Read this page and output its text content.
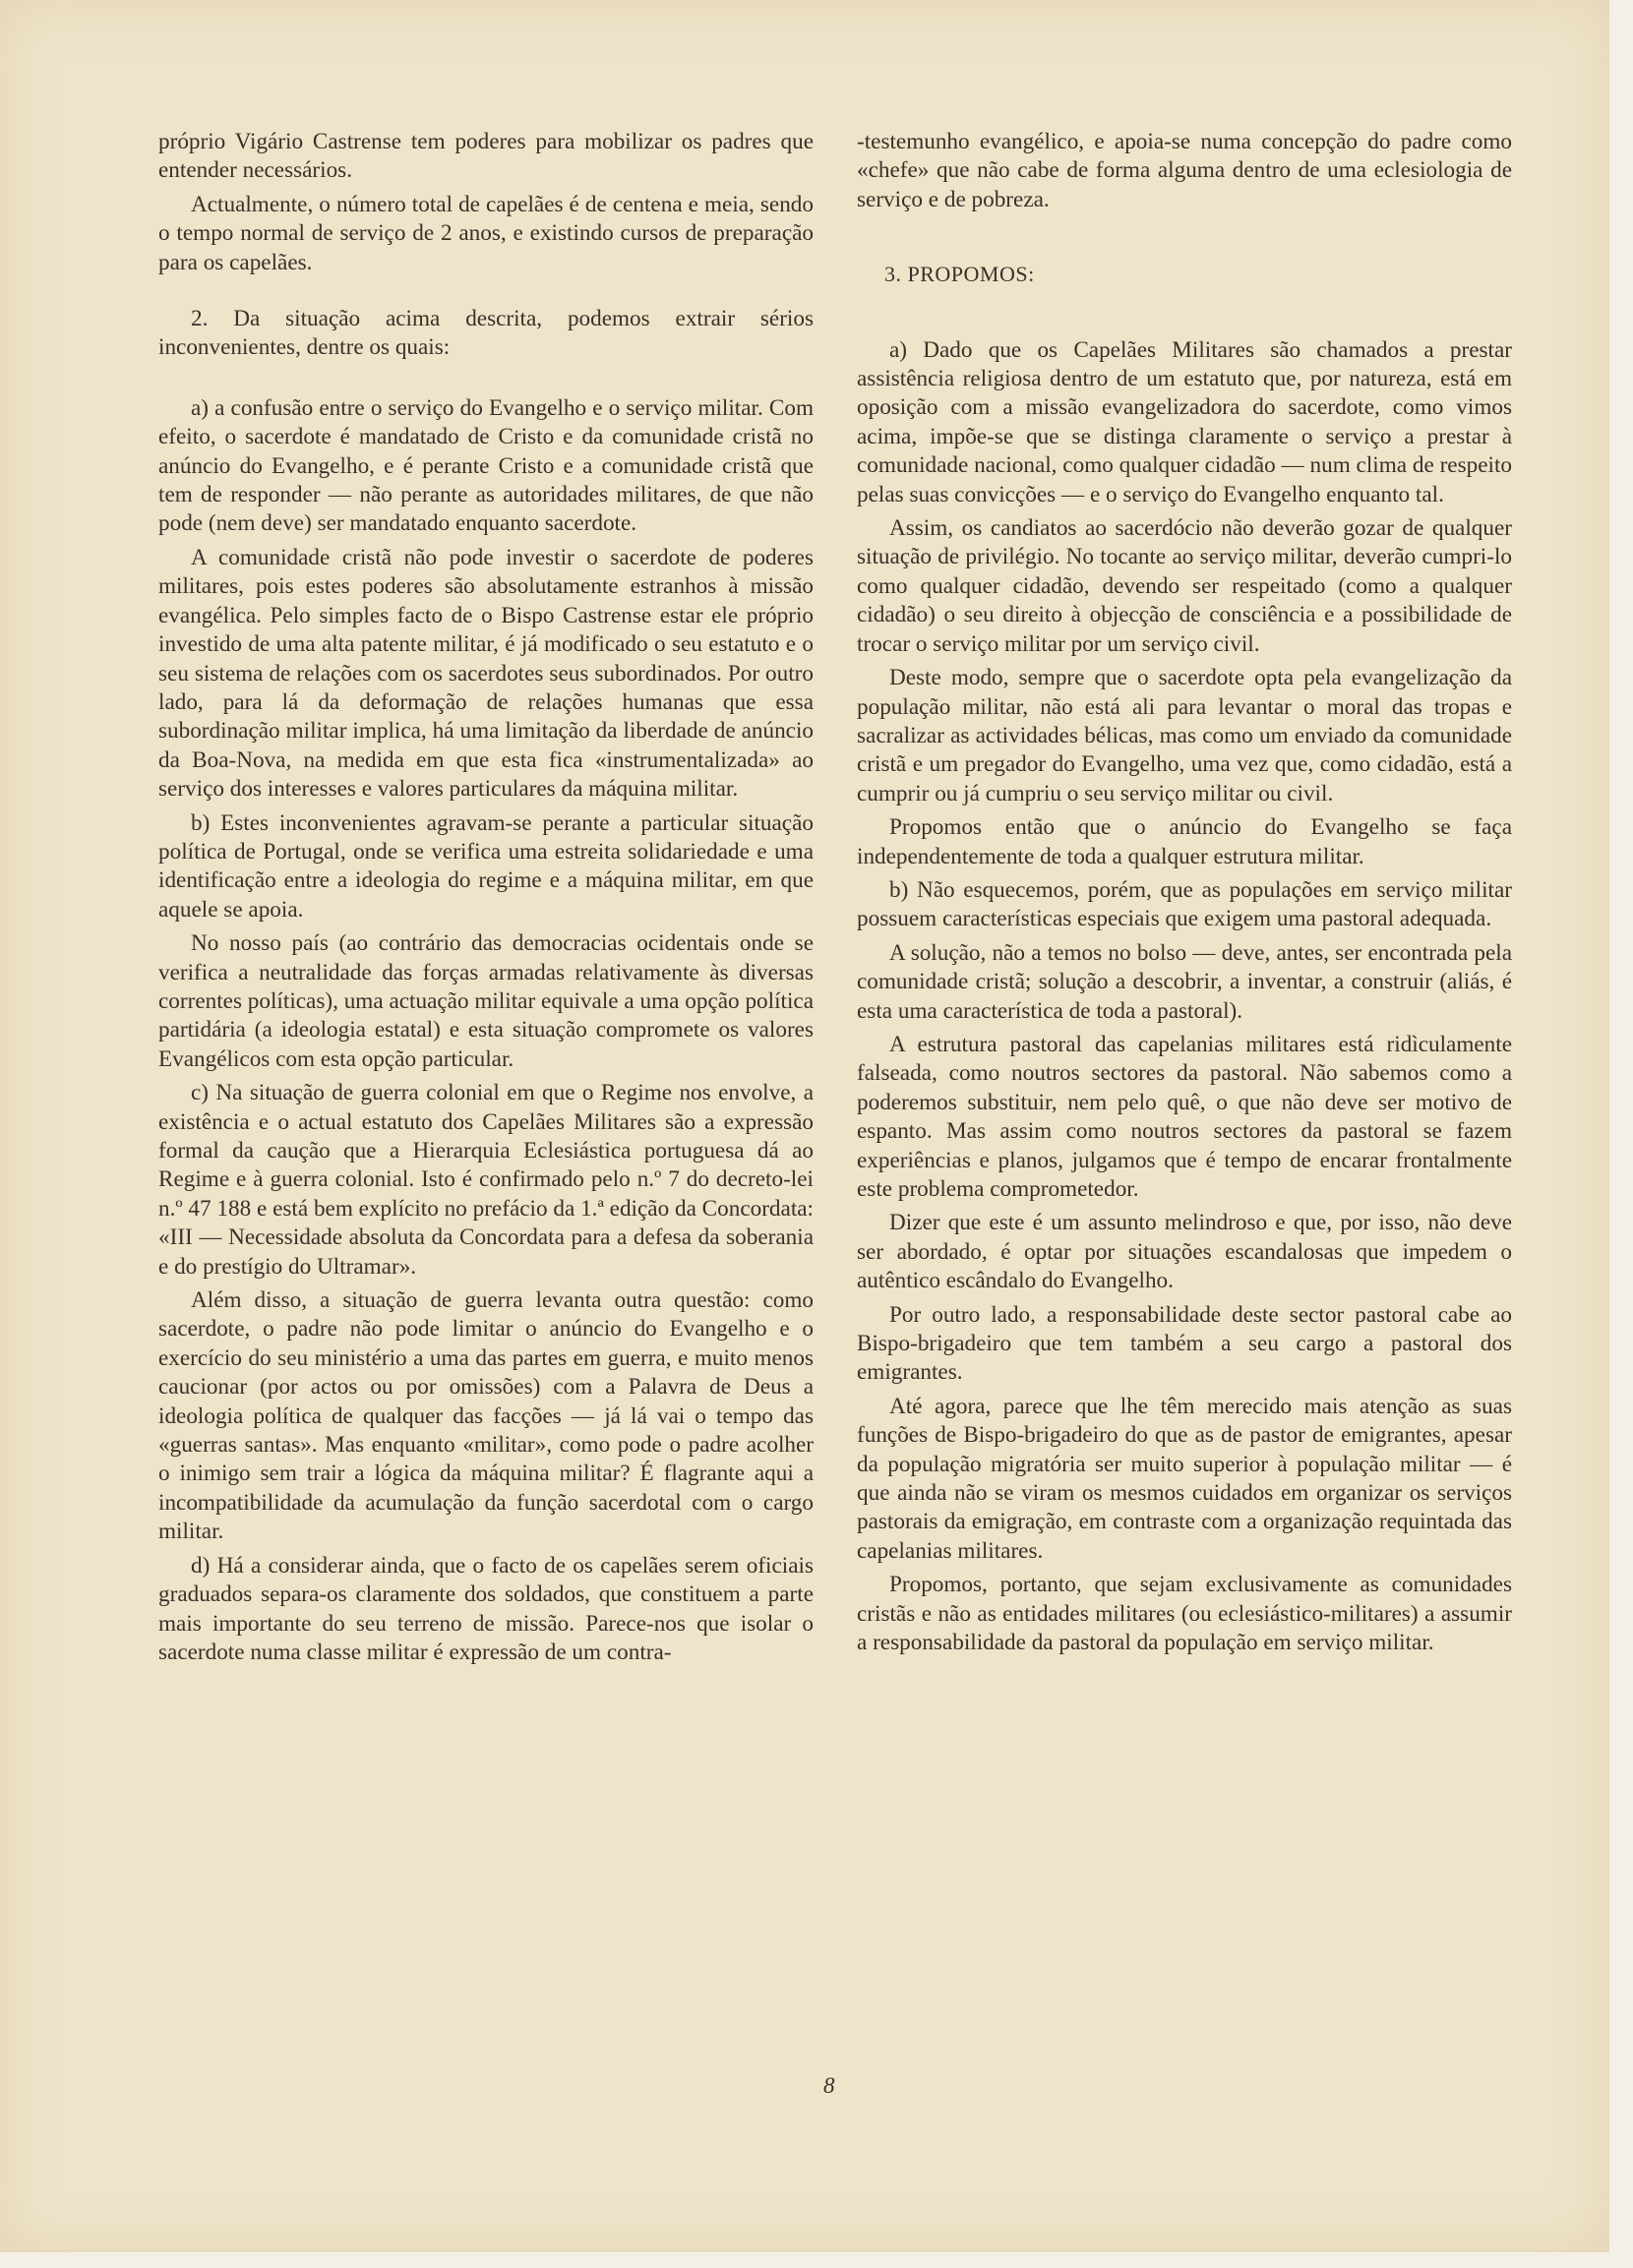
próprio Vigário Castrense tem poderes para mobilizar os padres que entender necessários.

Actualmente, o número total de capelães é de centena e meia, sendo o tempo normal de serviço de 2 anos, e existindo cursos de preparação para os capelães.

2. Da situação acima descrita, podemos extrair sérios inconvenientes, dentre os quais:

a) a confusão entre o serviço do Evangelho e o serviço militar. Com efeito, o sacerdote é mandatado de Cristo e da comunidade cristã no anúncio do Evangelho, e é perante Cristo e a comunidade cristã que tem de responder — não perante as autoridades militares, de que não pode (nem deve) ser mandatado enquanto sacerdote.

A comunidade cristã não pode investir o sacerdote de poderes militares, pois estes poderes são absolutamente estranhos à missão evangélica. Pelo simples facto de o Bispo Castrense estar ele próprio investido de uma alta patente militar, é já modificado o seu estatuto e o seu sistema de relações com os sacerdotes seus subordinados. Por outro lado, para lá da deformação de relações humanas que essa subordinação militar implica, há uma limitação da liberdade de anúncio da Boa-Nova, na medida em que esta fica «instrumentalizada» ao serviço dos interesses e valores particulares da máquina militar.

b) Estes inconvenientes agravam-se perante a particular situação política de Portugal, onde se verifica uma estreita solidariedade e uma identificação entre a ideologia do regime e a máquina militar, em que aquele se apoia.

No nosso país (ao contrário das democracias ocidentais onde se verifica a neutralidade das forças armadas relativamente às diversas correntes políticas), uma actuação militar equivale a uma opção política partidária (a ideologia estatal) e esta situação compromete os valores Evangélicos com esta opção particular.

c) Na situação de guerra colonial em que o Regime nos envolve, a existência e o actual estatuto dos Capelães Militares são a expressão formal da caução que a Hierarquia Eclesiástica portuguesa dá ao Regime e à guerra colonial. Isto é confirmado pelo n.º 7 do decreto-lei n.º 47 188 e está bem explícito no prefácio da 1.ª edição da Concordata: «III — Necessidade absoluta da Concordata para a defesa da soberania e do prestígio do Ultramar».

Além disso, a situação de guerra levanta outra questão: como sacerdote, o padre não pode limitar o anúncio do Evangelho e o exercício do seu ministério a uma das partes em guerra, e muito menos caucionar (por actos ou por omissões) com a Palavra de Deus a ideologia política de qualquer das facções — já lá vai o tempo das «guerras santas». Mas enquanto «militar», como pode o padre acolher o inimigo sem trair a lógica da máquina militar? É flagrante aqui a incompatibilidade da acumulação da função sacerdotal com o cargo militar.

d) Há a considerar ainda, que o facto de os capelães serem oficiais graduados separa-os claramente dos soldados, que constituem a parte mais importante do seu terreno de missão. Parece-nos que isolar o sacerdote numa classe militar é expressão de um contra-

-testemunho evangélico, e apoia-se numa concepção do padre como «chefe» que não cabe de forma alguma dentro de uma eclesiologia de serviço e de pobreza.

3. PROPOMOS:

a) Dado que os Capelães Militares são chamados a prestar assistência religiosa dentro de um estatuto que, por natureza, está em oposição com a missão evangelizadora do sacerdote, como vimos acima, impõe-se que se distinga claramente o serviço a prestar à comunidade nacional, como qualquer cidadão — num clima de respeito pelas suas convicções — e o serviço do Evangelho enquanto tal.

Assim, os candiatos ao sacerdócio não deverão gozar de qualquer situação de privilégio. No tocante ao serviço militar, deverão cumpri-lo como qualquer cidadão, devendo ser respeitado (como a qualquer cidadão) o seu direito à objecção de consciência e a possibilidade de trocar o serviço militar por um serviço civil.

Deste modo, sempre que o sacerdote opta pela evangelização da população militar, não está ali para levantar o moral das tropas e sacralizar as actividades bélicas, mas como um enviado da comunidade cristã e um pregador do Evangelho, uma vez que, como cidadão, está a cumprir ou já cumpriu o seu serviço militar ou civil.

Propomos então que o anúncio do Evangelho se faça independentemente de toda a qualquer estrutura militar.

b) Não esquecemos, porém, que as populações em serviço militar possuem características especiais que exigem uma pastoral adequada.

A solução, não a temos no bolso — deve, antes, ser encontrada pela comunidade cristã; solução a descobrir, a inventar, a construir (aliás, é esta uma característica de toda a pastoral).

A estrutura pastoral das capelanias militares está ridìculamente falseada, como noutros sectores da pastoral. Não sabemos como a poderemos substituir, nem pelo quê, o que não deve ser motivo de espanto. Mas assim como noutros sectores da pastoral se fazem experiências e planos, julgamos que é tempo de encarar frontalmente este problema comprometedor.

Dizer que este é um assunto melindroso e que, por isso, não deve ser abordado, é optar por situações escandalosas que impedem o autêntico escândalo do Evangelho.

Por outro lado, a responsabilidade deste sector pastoral cabe ao Bispo-brigadeiro que tem também a seu cargo a pastoral dos emigrantes.

Até agora, parece que lhe têm merecido mais atenção as suas funções de Bispo-brigadeiro do que as de pastor de emigrantes, apesar da população migratória ser muito superior à população militar — é que ainda não se viram os mesmos cuidados em organizar os serviços pastorais da emigração, em contraste com a organização requintada das capelanias militares.

Propomos, portanto, que sejam exclusivamente as comunidades cristãs e não as entidades militares (ou eclesiástico-militares) a assumir a responsabilidade da pastoral da população em serviço militar.

8
